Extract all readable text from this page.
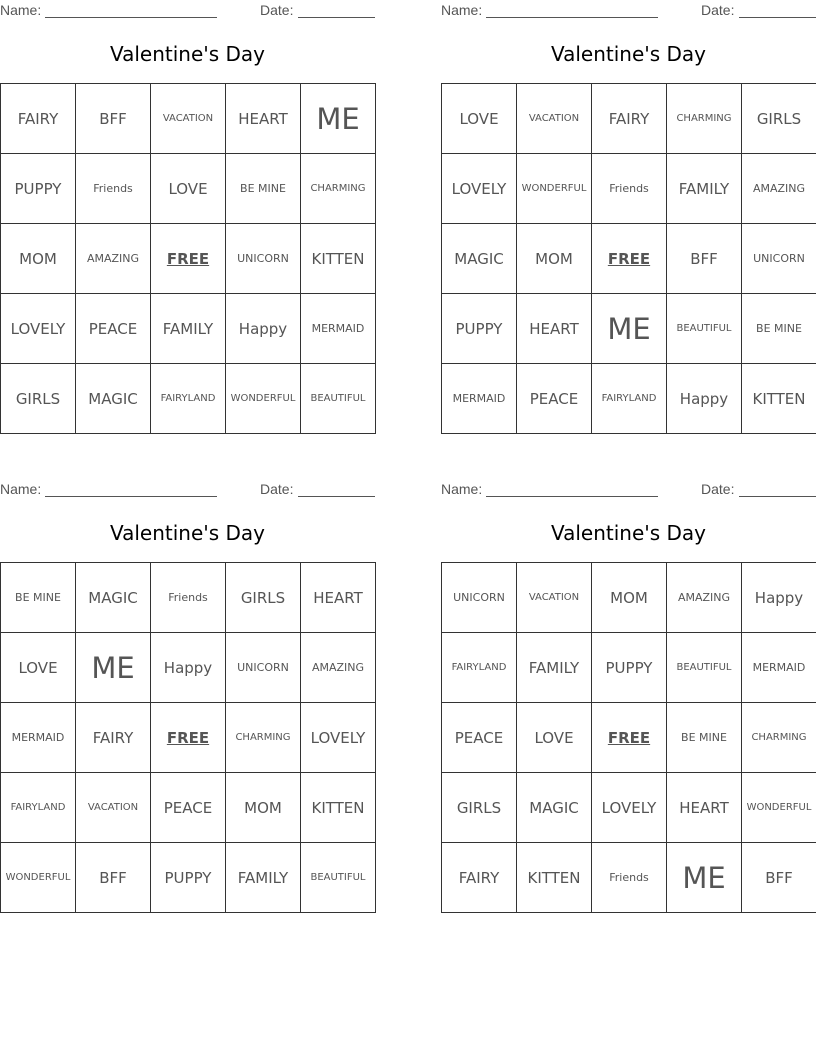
Name:	Date:
Valentine's Day
FAIRY	BFF	VACATION	HEART	ME
PUPPY	Friends	LOVE	BE MINE	CHARMING
MOM	AMAZING	FREE	UNICORN	KITTEN
LOVELY	PEACE	FAMILY	Happy	MERMAID
GIRLS	MAGIC	FAIRYLAND	WONDERFUL	BEAUTIFUL
Name:	Date:
Valentine's Day
LOVE	VACATION	FAIRY	CHARMING	GIRLS
LOVELY	WONDERFUL	Friends	FAMILY	AMAZING
MAGIC	MOM	FREE	BFF	UNICORN
PUPPY	HEART	ME	BEAUTIFUL	BE MINE
MERMAID	PEACE	FAIRYLAND	Happy	KITTEN
Name:	Date:
Valentine's Day
BE MINE	MAGIC	Friends	GIRLS	HEART
LOVE	ME	Happy	UNICORN	AMAZING
MERMAID	FAIRY	FREE	CHARMING	LOVELY
FAIRYLAND	VACATION	PEACE	MOM	KITTEN
WONDERFUL	BFF	PUPPY	FAMILY	BEAUTIFUL
Name:	Date:
Valentine's Day
UNICORN	VACATION	MOM	AMAZING	Happy
FAIRYLAND	FAMILY	PUPPY	BEAUTIFUL	MERMAID
PEACE	LOVE	FREE	BE MINE	CHARMING
GIRLS	MAGIC	LOVELY	HEART	WONDERFUL
FAIRY	KITTEN	Friends	ME	BFF
